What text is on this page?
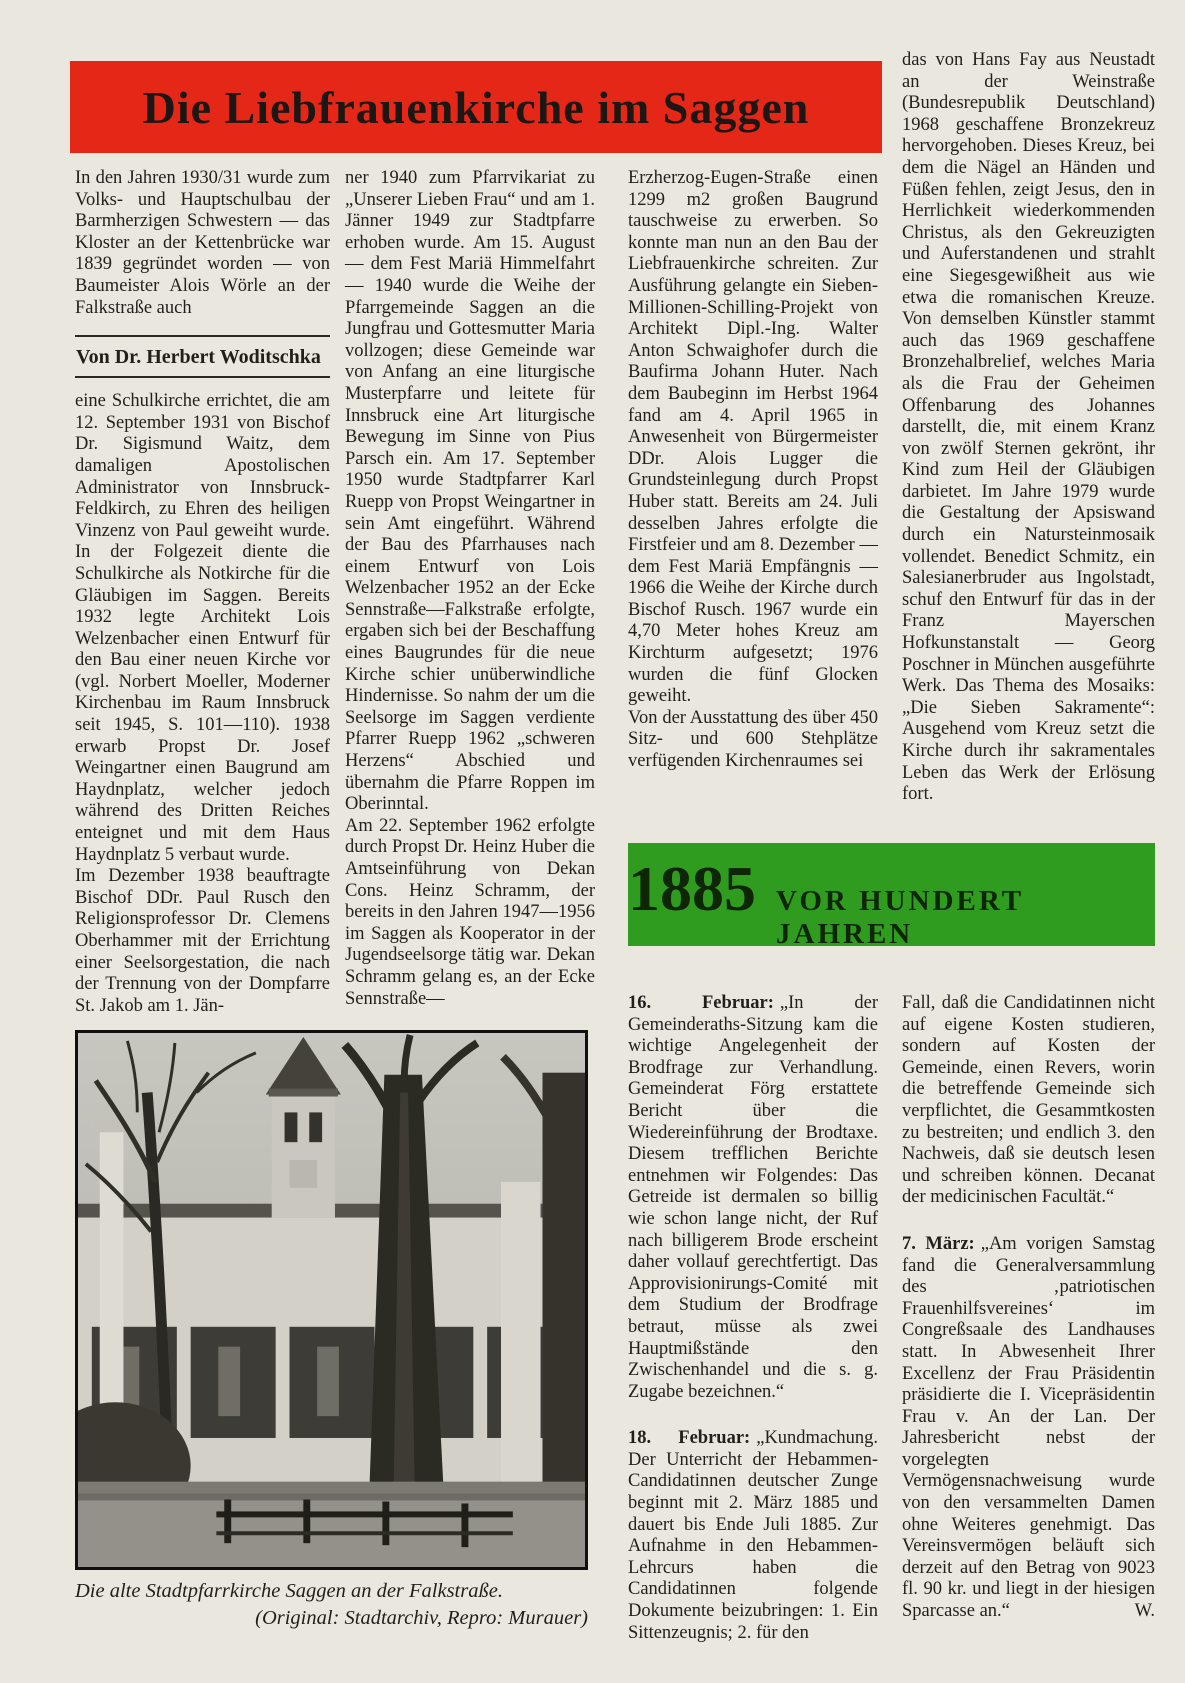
Die Liebfrauenkirche im Saggen
In den Jahren 1930/31 wurde zum Volks- und Hauptschulbau der Barmherzigen Schwestern — das Kloster an der Kettenbrücke war 1839 gegründet worden — von Baumeister Alois Wörle an der Falkstraße auch
Von Dr. Herbert Woditschka
eine Schulkirche errichtet, die am 12. September 1931 von Bischof Dr. Sigismund Waitz, dem damaligen Apostolischen Administrator von Innsbruck-Feldkirch, zu Ehren des heiligen Vinzenz von Paul geweiht wurde. In der Folgezeit diente die Schulkirche als Notkirche für die Gläubigen im Saggen. Bereits 1932 legte Architekt Lois Welzenbacher einen Entwurf für den Bau einer neuen Kirche vor (vgl. Norbert Moeller, Moderner Kirchenbau im Raum Innsbruck seit 1945, S. 101—110). 1938 erwarb Propst Dr. Josef Weingartner einen Baugrund am Haydnplatz, welcher jedoch während des Dritten Reiches enteignet und mit dem Haus Haydnplatz 5 verbaut wurde.
Im Dezember 1938 beauftragte Bischof DDr. Paul Rusch den Religionsprofessor Dr. Clemens Oberhammer mit der Errichtung einer Seelsorgestation, die nach der Trennung von der Dompfarre St. Jakob am 1. Jän-
ner 1940 zum Pfarrvikariat zu „Unserer Lieben Frau“ und am 1. Jänner 1949 zur Stadtpfarre erhoben wurde. Am 15. August — dem Fest Mariä Himmelfahrt — 1940 wurde die Weihe der Pfarrgemeinde Saggen an die Jungfrau und Gottesmutter Maria vollzogen; diese Gemeinde war von Anfang an eine liturgische Musterpfarre und leitete für Innsbruck eine Art liturgische Bewegung im Sinne von Pius Parsch ein. Am 17. September 1950 wurde Stadtpfarrer Karl Ruepp von Propst Weingartner in sein Amt eingeführt. Während der Bau des Pfarrhauses nach einem Entwurf von Lois Welzenbacher 1952 an der Ecke Sennstraße—Falkstraße erfolgte, ergaben sich bei der Beschaffung eines Baugrundes für die neue Kirche schier unüberwindliche Hindernisse. So nahm der um die Seelsorge im Saggen verdiente Pfarrer Ruepp 1962 „schweren Herzens“ Abschied und übernahm die Pfarre Roppen im Oberinntal.
Am 22. September 1962 erfolgte durch Propst Dr. Heinz Huber die Amtseinführung von Dekan Cons. Heinz Schramm, der bereits in den Jahren 1947—1956 im Saggen als Kooperator in der Jugendseelsorge tätig war. Dekan Schramm gelang es, an der Ecke Sennstraße—
Erzherzog-Eugen-Straße einen 1299 m2 großen Baugrund tauschweise zu erwerben. So konnte man nun an den Bau der Liebfrauenkirche schreiten. Zur Ausführung gelangte ein Sieben-Millionen-Schilling-Projekt von Architekt Dipl.-Ing. Walter Anton Schwaighofer durch die Baufirma Johann Huter. Nach dem Baubeginn im Herbst 1964 fand am 4. April 1965 in Anwesenheit von Bürgermeister DDr. Alois Lugger die Grundsteinlegung durch Propst Huber statt. Bereits am 24. Juli desselben Jahres erfolgte die Firstfeier und am 8. Dezember — dem Fest Mariä Empfängnis — 1966 die Weihe der Kirche durch Bischof Rusch. 1967 wurde ein 4,70 Meter hohes Kreuz am Kirchturm aufgesetzt; 1976 wurden die fünf Glocken geweiht.
Von der Ausstattung des über 450 Sitz- und 600 Stehplätze verfügenden Kirchenraumes sei
das von Hans Fay aus Neustadt an der Weinstraße (Bundesrepublik Deutschland) 1968 geschaffene Bronzekreuz hervorgehoben. Dieses Kreuz, bei dem die Nägel an Händen und Füßen fehlen, zeigt Jesus, den in Herrlichkeit wiederkommenden Christus, als den Gekreuzigten und Auferstandenen und strahlt eine Siegesgewißheit aus wie etwa die romanischen Kreuze. Von demselben Künstler stammt auch das 1969 geschaffene Bronzehalbrelief, welches Maria als die Frau der Geheimen Offenbarung des Johannes darstellt, die, mit einem Kranz von zwölf Sternen gekrönt, ihr Kind zum Heil der Gläubigen darbietet. Im Jahre 1979 wurde die Gestaltung der Apsiswand durch ein Natursteinmosaik vollendet. Benedict Schmitz, ein Salesianerbruder aus Ingolstadt, schuf den Entwurf für das in der Franz Mayerschen Hofkunstanstalt — Georg Poschner in München ausgeführte Werk. Das Thema des Mosaiks: „Die Sieben Sakramente“: Ausgehend vom Kreuz setzt die Kirche durch ihr sakramentales Leben das Werk der Erlösung fort.
1885 VOR HUNDERT JAHREN
16. Februar: „In der Gemeinderaths-Sitzung kam die wichtige Angelegenheit der Brodfrage zur Verhandlung. Gemeinderat Förg erstattete Bericht über die Wiedereinführung der Brodtaxe. Diesem trefflichen Berichte entnehmen wir Folgendes: Das Getreide ist dermalen so billig wie schon lange nicht, der Ruf nach billigerem Brode erscheint daher vollauf gerechtfertigt. Das Approvisionirungs-Comité mit dem Studium der Brodfrage betraut, müsse als zwei Hauptmißstände den Zwischenhandel und die s. g. Zugabe bezeichnen.“
18. Februar: „Kundmachung. Der Unterricht der Hebammen-Candidatinnen deutscher Zunge beginnt mit 2. März 1885 und dauert bis Ende Juli 1885. Zur Aufnahme in den Hebammen-Lehrcurs haben die Candidatinnen folgende Dokumente beizubringen: 1. Ein Sittenzeugnis; 2. für den
Fall, daß die Candidatinnen nicht auf eigene Kosten studieren, sondern auf Kosten der Gemeinde, einen Revers, worin die betreffende Gemeinde sich verpflichtet, die Gesammtkosten zu bestreiten; und endlich 3. den Nachweis, daß sie deutsch lesen und schreiben können. Decanat der medicinischen Facultät.“
7. März: „Am vorigen Samstag fand die Generalversammlung des ‚patriotischen Frauenhilfsvereines‘ im Congreßsaale des Landhauses statt. In Abwesenheit Ihrer Excellenz der Frau Präsidentin präsidierte die I. Vicepräsidentin Frau v. An der Lan. Der Jahresbericht nebst der vorgelegten Vermögensnachweisung wurde von den versammelten Damen ohne Weiteres genehmigt. Das Vereinsvermögen beläuft sich derzeit auf den Betrag von 9023 fl. 90 kr. und liegt in der hiesigen Sparcasse an.“	W.
Die alte Stadtpfarrkirche Saggen an der Falkstraße.
(Original: Stadtarchiv, Repro: Murauer)
